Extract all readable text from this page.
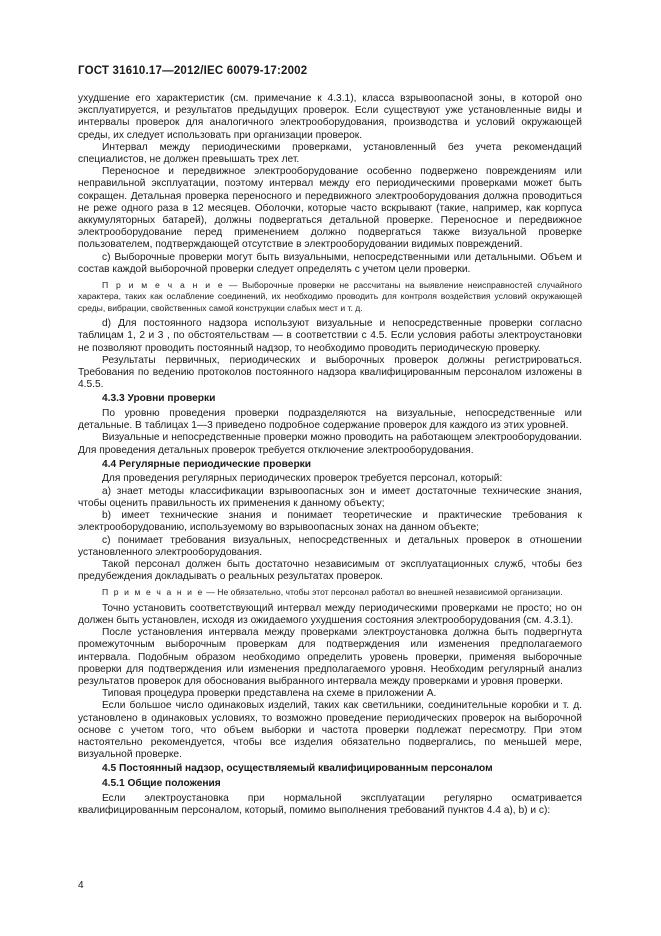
ГОСТ 31610.17—2012/IEC 60079-17:2002

ухудшение его характеристик (см. примечание к 4.3.1), класса взрывоопасной зоны, в которой оно эксплуатируется, и результатов предыдущих проверок. Если существуют уже установленные виды и интервалы проверок для аналогичного электрооборудования, производства и условий окружающей среды, их следует использовать при организации проверок.

Интервал между периодическими проверками, установленный без учета рекомендаций специалистов, не должен превышать трех лет.

Переносное и передвижное электрооборудование особенно подвержено повреждениям или неправильной эксплуатации, поэтому интервал между его периодическими проверками может быть сокращен. Детальная проверка переносного и передвижного электрооборудования должна проводиться не реже одного раза в 12 месяцев. Оболочки, которые часто вскрывают (такие, например, как корпуса аккумуляторных батарей), должны подвергаться детальной проверке. Переносное и передвижное электрооборудование перед применением должно подвергаться также визуальной проверке пользователем, подтверждающей отсутствие в электрооборудовании видимых повреждений.

с) Выборочные проверки могут быть визуальными, непосредственными или детальными. Объем и состав каждой выборочной проверки следует определять с учетом цели проверки.

П р и м е ч а н и е — Выборочные проверки не рассчитаны на выявление неисправностей случайного характера, таких как ослабление соединений, их необходимо проводить для контроля воздействия условий окружающей среды, вибрации, свойственных самой конструкции слабых мест и т. д.

d) Для постоянного надзора используют визуальные и непосредственные проверки согласно таблицам 1, 2 и 3 , по обстоятельствам — в соответствии с 4.5. Если условия работы электроустановки не позволяют проводить постоянный надзор, то необходимо проводить периодическую проверку.

Результаты первичных, периодических и выборочных проверок должны регистрироваться. Требования по ведению протоколов постоянного надзора квалифицированным персоналом изложены в 4.5.5.

4.3.3 Уровни проверки

По уровню проведения проверки подразделяются на визуальные, непосредственные или детальные. В таблицах 1—3 приведено подробное содержание проверок для каждого из этих уровней.

Визуальные и непосредственные проверки можно проводить на работающем электрооборудовании. Для проведения детальных проверок требуется отключение электрооборудования.

4.4 Регулярные периодические проверки

Для проведения регулярных периодических проверок требуется персонал, который:

а) знает методы классификации взрывоопасных зон и имеет достаточные технические знания, чтобы оценить правильность их применения к данному объекту;

b) имеет технические знания и понимает теоретические и практические требования к электрооборудованию, используемому во взрывоопасных зонах на данном объекте;

с) понимает требования визуальных, непосредственных и детальных проверок в отношении установленного электрооборудования.

Такой персонал должен быть достаточно независимым от эксплуатационных служб, чтобы без предубеждения докладывать о реальных результатах проверок.

П р и м е ч а н и е — Не обязательно, чтобы этот персонал работал во внешней независимой организации.

Точно установить соответствующий интервал между периодическими проверками не просто; но он должен быть установлен, исходя из ожидаемого ухудшения состояния электрооборудования (см. 4.3.1).

После установления интервала между проверками электроустановка должна быть подвергнута промежуточным выборочным проверкам для подтверждения или изменения предполагаемого интервала. Подобным образом необходимо определить уровень проверки, применяя выборочные проверки для подтверждения или изменения предполагаемого уровня. Необходим регулярный анализ результатов проверок для обоснования выбранного интервала между проверками и уровня проверки.

Типовая процедура проверки представлена на схеме в приложении А.

Если большое число одинаковых изделий, таких как светильники, соединительные коробки и т. д. установлено в одинаковых условиях, то возможно проведение периодических проверок на выборочной основе с учетом того, что объем выборки и частота проверки подлежат пересмотру. При этом настоятельно рекомендуется, чтобы все изделия обязательно подвергались, по меньшей мере, визуальной проверке.

4.5 Постоянный надзор, осуществляемый квалифицированным персоналом
4.5.1 Общие положения

Если электроустановка при нормальной эксплуатации регулярно осматривается квалифицированным персоналом, который, помимо выполнения требований пунктов 4.4 а), b) и с):

4
